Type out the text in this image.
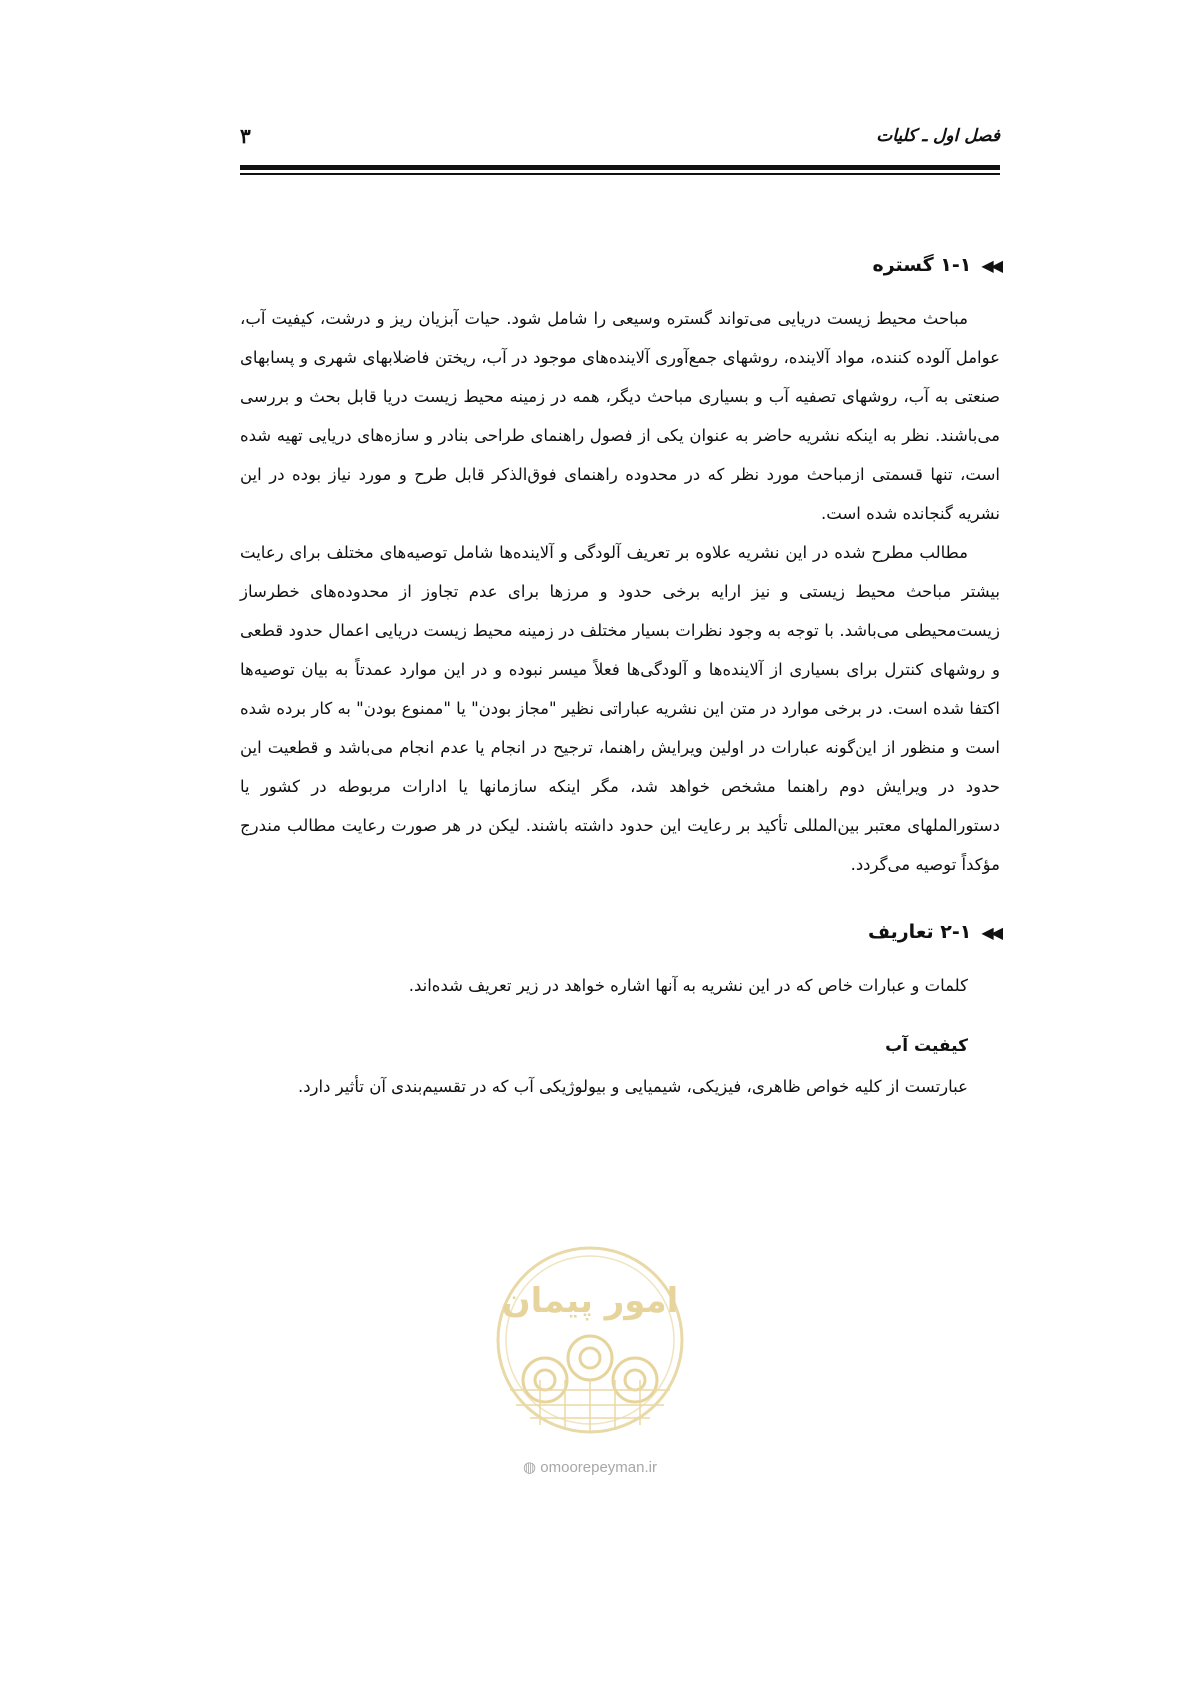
فصل اول ـ کلیات
۳
◀◀
۱-۱ گستره

مباحث محیط زیست دریایی می‌تواند گستره وسیعی را شامل شود. حیات آبزیان ریز و درشت، کیفیت آب، عوامل آلوده کننده، مواد آلاینده، روشهای جمع‌آوری آلاینده‌های موجود در آب، ریختن فاضلابهای شهری و پسابهای صنعتی به آب، روشهای تصفیه آب و بسیاری مباحث دیگر، همه در زمینه محیط زیست دریا قابل بحث و بررسی می‌باشند. نظر به اینکه نشریه حاضر به عنوان یکی از فصول راهنمای طراحی بنادر و سازه‌های دریایی تهیه شده است، تنها قسمتی ازمباحث مورد نظر که در محدوده راهنمای فوق‌الذکر قابل طرح و مورد نیاز بوده در این نشریه گنجانده شده است.

مطالب مطرح شده در این نشریه علاوه بر تعریف آلودگی و آلاینده‌ها شامل توصیه‌های مختلف برای رعایت بیشتر مباحث محیط زیستی و نیز ارایه برخی حدود و مرزها برای عدم تجاوز از محدوده‌های خطرساز زیست‌محیطی می‌باشد. با توجه به وجود نظرات بسیار مختلف در زمینه محیط زیست دریایی اعمال حدود قطعی و روشهای کنترل برای بسیاری از آلاینده‌ها و آلودگی‌ها فعلاً میسر نبوده و در این موارد عمدتاً به بیان توصیه‌ها اکتفا شده است. در برخی موارد در متن این نشریه عباراتی نظیر "مجاز بودن" یا "ممنوع بودن" به کار برده شده است و منظور از این‌گونه عبارات در اولین ویرایش راهنما، ترجیح در انجام یا عدم انجام می‌باشد و قطعیت این حدود در ویرایش دوم راهنما مشخص خواهد شد، مگر اینکه سازمانها یا ادارات مربوطه در کشور یا دستورالملهای معتبر بین‌المللی تأکید بر رعایت این حدود داشته باشند. لیکن در هر صورت رعایت مطالب مندرج مؤکداً توصیه می‌گردد.

◀◀
۲-۱ تعاریف

کلمات و عبارات خاص که در این نشریه به آنها اشاره خواهد در زیر تعریف شده‌اند.

کیفیت آب

عبارتست از کلیه خواص ظاهری، فیزیکی، شیمیایی و بیولوژیکی آب که در تقسیم‌بندی آن تأثیر دارد.

امور پیمان
◍ omoorepeyman.ir
